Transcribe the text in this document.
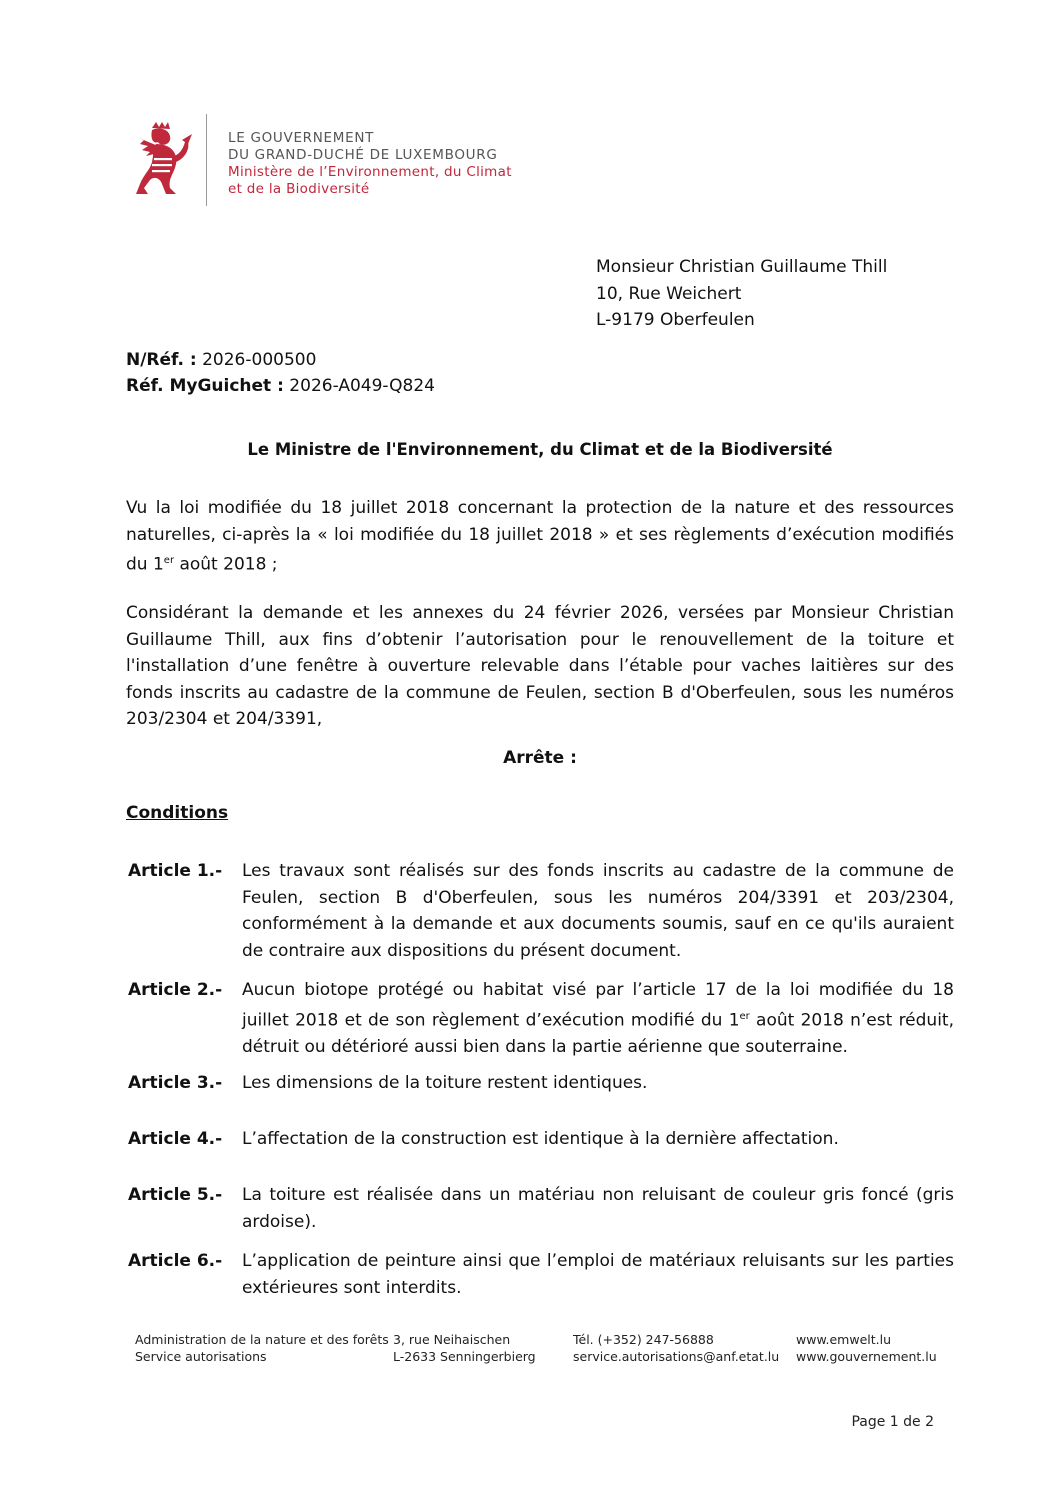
LE GOUVERNEMENT
DU GRAND-DUCHÉ DE LUXEMBOURG
Ministère de l’Environnement, du Climat
et de la Biodiversité
Monsieur Christian Guillaume Thill
10, Rue Weichert
L-9179 Oberfeulen
N/Réf. : 2026-000500
Réf. MyGuichet : 2026-A049-Q824
Le Ministre de l'Environnement, du Climat et de la Biodiversité
Vu la loi modifiée du 18 juillet 2018 concernant la protection de la nature et des ressources naturelles, ci-après la « loi modifiée du 18 juillet 2018 » et ses règlements d’exécution modifiés du 1er août 2018 ;
Considérant la demande et les annexes du 24 février 2026, versées par Monsieur Christian Guillaume Thill, aux fins d’obtenir l’autorisation pour le renouvellement de la toiture et l'installation d’une fenêtre à ouverture relevable dans l’étable pour vaches laitières sur des fonds inscrits au cadastre de la commune de Feulen, section B d'Oberfeulen, sous les numéros 203/2304 et 204/3391,
Arrête :
Conditions
Article 1.- Les travaux sont réalisés sur des fonds inscrits au cadastre de la commune de Feulen, section B d'Oberfeulen, sous les numéros 204/3391 et 203/2304, conformément à la demande et aux documents soumis, sauf en ce qu'ils auraient de contraire aux dispositions du présent document.
Article 2.- Aucun biotope protégé ou habitat visé par l’article 17 de la loi modifiée du 18 juillet 2018 et de son règlement d’exécution modifié du 1er août 2018 n’est réduit, détruit ou détérioré aussi bien dans la partie aérienne que souterraine.
Article 3.- Les dimensions de la toiture restent identiques.
Article 4.- L’affectation de la construction est identique à la dernière affectation.
Article 5.- La toiture est réalisée dans un matériau non reluisant de couleur gris foncé (gris ardoise).
Article 6.- L’application de peinture ainsi que l’emploi de matériaux reluisants sur les parties extérieures sont interdits.
Administration de la nature et des forêts
Service autorisations
3, rue Neihaischen
L-2633 Senningerbierg
Tél. (+352) 247-56888
service.autorisations@anf.etat.lu
www.emwelt.lu
www.gouvernement.lu
Page 1 de 2
